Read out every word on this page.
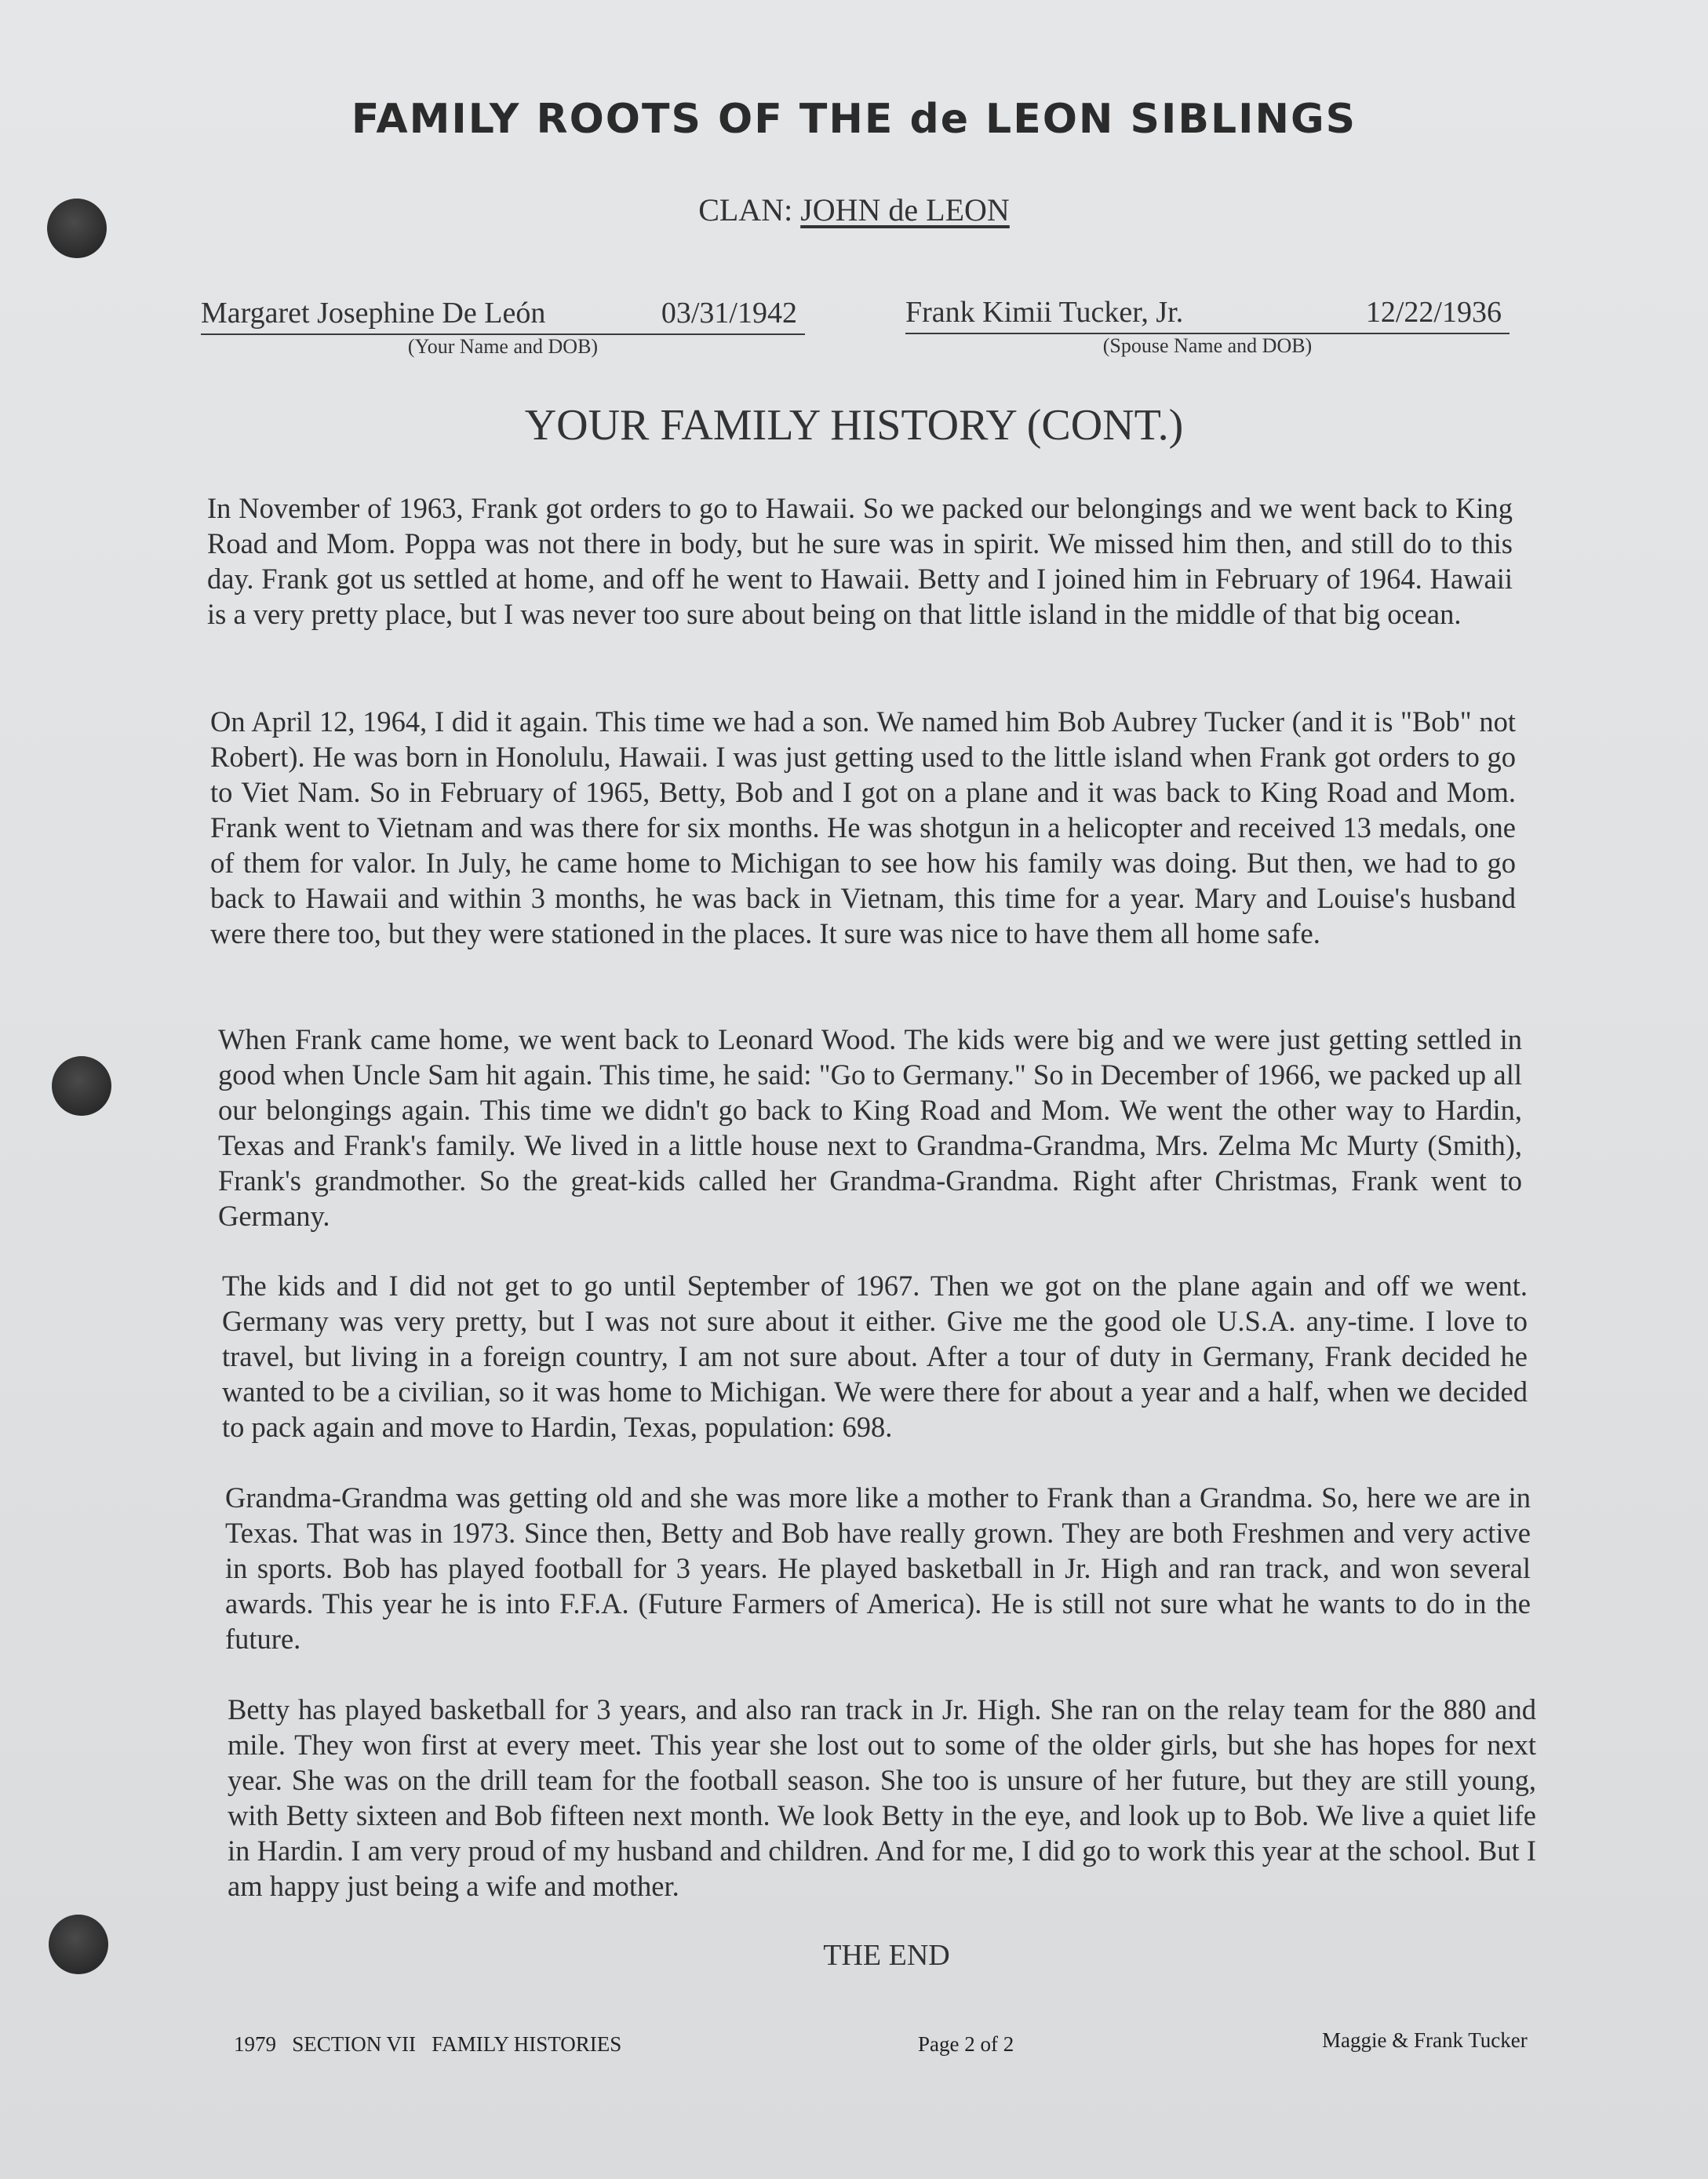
FAMILY ROOTS OF THE de LEON SIBLINGS
CLAN: JOHN de LEON
Margaret Josephine De León	03/31/1942
(Your Name and DOB)
Frank Kimii Tucker, Jr.	12/22/1936
(Spouse Name and DOB)
YOUR FAMILY HISTORY (CONT.)

In November of 1963, Frank got orders to go to Hawaii. So we packed our belongings and we went back to King Road and Mom. Poppa was not there in body, but he sure was in spirit. We missed him then, and still do to this day. Frank got us settled at home, and off he went to Hawaii. Betty and I joined him in February of 1964. Hawaii is a very pretty place, but I was never too sure about being on that little island in the middle of that big ocean.

On April 12, 1964, I did it again. This time we had a son. We named him Bob Aubrey Tucker (and it is "Bob" not Robert). He was born in Honolulu, Hawaii. I was just getting used to the little island when Frank got orders to go to Viet Nam. So in February of 1965, Betty, Bob and I got on a plane and it was back to King Road and Mom. Frank went to Vietnam and was there for six months. He was shotgun in a helicopter and received 13 medals, one of them for valor. In July, he came home to Michigan to see how his family was doing. But then, we had to go back to Hawaii and within 3 months, he was back in Vietnam, this time for a year. Mary and Louise's husband were there too, but they were stationed in the places. It sure was nice to have them all home safe.

When Frank came home, we went back to Leonard Wood. The kids were big and we were just getting settled in good when Uncle Sam hit again. This time, he said: "Go to Germany." So in December of 1966, we packed up all our belongings again. This time we didn't go back to King Road and Mom. We went the other way to Hardin, Texas and Frank's family. We lived in a little house next to Grandma-Grandma, Mrs. Zelma Mc Murty (Smith), Frank's grandmother. So the great-kids called her Grandma-Grandma. Right after Christmas, Frank went to Germany.

The kids and I did not get to go until September of 1967. Then we got on the plane again and off we went. Germany was very pretty, but I was not sure about it either. Give me the good ole U.S.A. any-time. I love to travel, but living in a foreign country, I am not sure about. After a tour of duty in Germany, Frank decided he wanted to be a civilian, so it was home to Michigan. We were there for about a year and a half, when we decided to pack again and move to Hardin, Texas, population: 698.

Grandma-Grandma was getting old and she was more like a mother to Frank than a Grandma. So, here we are in Texas. That was in 1973. Since then, Betty and Bob have really grown. They are both Freshmen and very active in sports. Bob has played football for 3 years. He played basketball in Jr. High and ran track, and won several awards. This year he is into F.F.A. (Future Farmers of America). He is still not sure what he wants to do in the future.

Betty has played basketball for 3 years, and also ran track in Jr. High. She ran on the relay team for the 880 and mile. They won first at every meet. This year she lost out to some of the older girls, but she has hopes for next year. She was on the drill team for the football season. She too is unsure of her future, but they are still young, with Betty sixteen and Bob fifteen next month. We look Betty in the eye, and look up to Bob. We live a quiet life in Hardin. I am very proud of my husband and children. And for me, I did go to work this year at the school. But I am happy just being a wife and mother.

THE END
1979   SECTION VII   FAMILY HISTORIES	Page 2 of 2	Maggie & Frank Tucker
